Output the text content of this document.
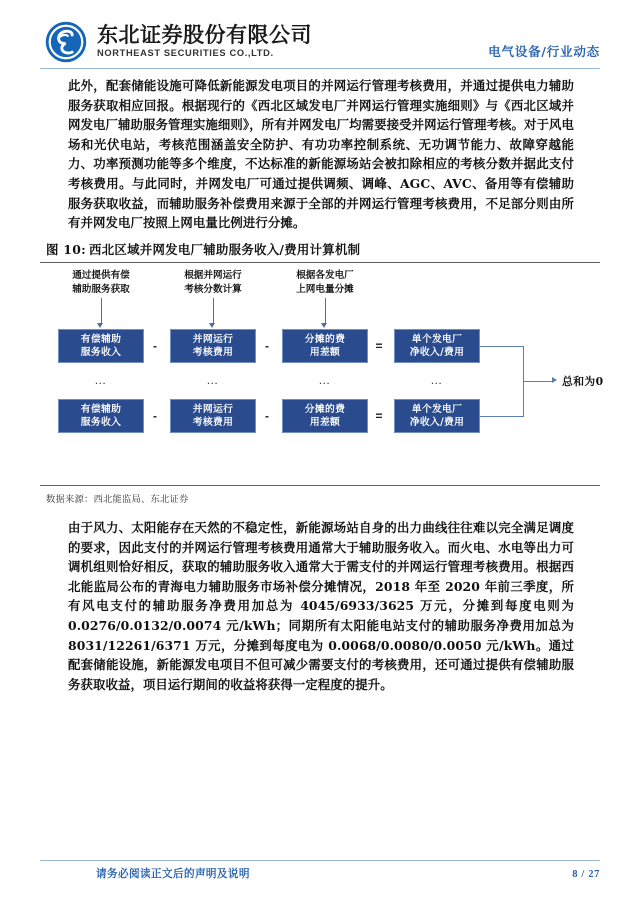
东北证券股份有限公司
NORTHEAST SECURITIES CO.,LTD.	电气设备/行业动态
此外，配套储能设施可降低新能源发电项目的并网运行管理考核费用，并通过提供电力辅助服务获取相应回报。根据现行的《西北区域发电厂并网运行管理实施细则》与《西北区域并网发电厂辅助服务管理实施细则》，所有并网发电厂均需要接受并网运行管理考核。对于风电场和光伏电站，考核范围涵盖安全防护、有功功率控制系统、无功调节能力、故障穿越能力、功率预测功能等多个维度，不达标准的新能源场站会被扣除相应的考核分数并据此支付考核费用。与此同时，并网发电厂可通过提供调频、调峰、AGC、AVC、备用等有偿辅助服务获取收益，而辅助服务补偿费用来源于全部的并网运行管理考核费用，不足部分则由所有并网发电厂按照上网电量比例进行分摊。
图 10: 西北区域并网发电厂辅助服务收入/费用计算机制
通过提供有偿
辅助服务获取
根据并网运行
考核分数计算
根据各发电厂
上网电量分摊
有偿辅助
服务收入	-	并网运行
考核费用	-	分摊的费
用差额	=	单个发电厂
净收入/费用
…	…	…	…
有偿辅助
服务收入	-	并网运行
考核费用	-	分摊的费
用差额	=	单个发电厂
净收入/费用
总和为0
数据来源：西北能监局、东北证券
由于风力、太阳能存在天然的不稳定性，新能源场站自身的出力曲线往往难以完全满足调度的要求，因此支付的并网运行管理考核费用通常大于辅助服务收入。而火电、水电等出力可调机组则恰好相反，获取的辅助服务收入通常大于需支付的并网运行管理考核费用。根据西北能监局公布的青海电力辅助服务市场补偿分摊情况，2018 年至 2020 年前三季度，所有风电支付的辅助服务净费用加总为 4045/6933/3625 万元，分摊到每度电则为 0.0276/0.0132/0.0074 元/kWh；同期所有太阳能电站支付的辅助服务净费用加总为 8031/12261/6371 万元，分摊到每度电为 0.0068/0.0080/0.0050 元/kWh。通过配套储能设施，新能源发电项目不但可减少需要支付的考核费用，还可通过提供有偿辅助服务获取收益，项目运行期间的收益将获得一定程度的提升。
请务必阅读正文后的声明及说明	8 / 27
